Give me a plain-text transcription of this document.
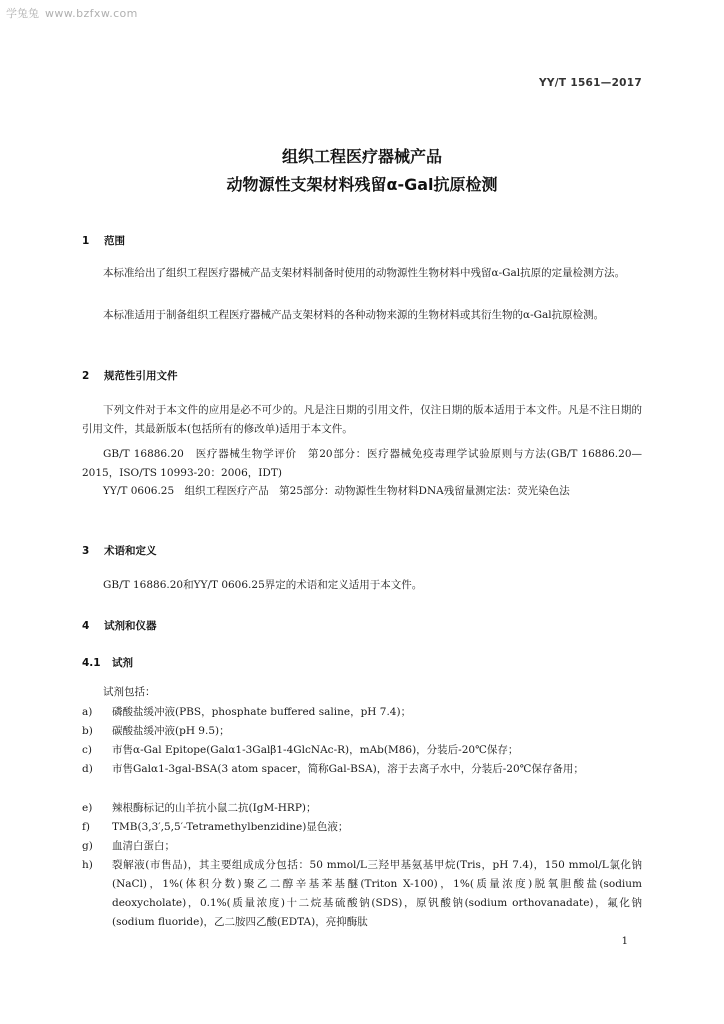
学兔兔 www.bzfxw.com
YY/T 1561—2017
组织工程医疗器械产品
动物源性支架材料残留α-Gal抗原检测
1 范围

本标准给出了组织工程医疗器械产品支架材料制备时使用的动物源性生物材料中残留α-Gal抗原的定量检测方法。

本标准适用于制备组织工程医疗器械产品支架材料的各种动物来源的生物材料或其衍生物的α-Gal抗原检测。

2 规范性引用文件

下列文件对于本文件的应用是必不可少的。凡是注日期的引用文件，仅注日期的版本适用于本文件。凡是不注日期的引用文件，其最新版本(包括所有的修改单)适用于本文件。

GB/T 16886.20　医疗器械生物学评价　第20部分：医疗器械免疫毒理学试验原则与方法(GB/T 16886.20—2015，ISO/TS 10993-20：2006，IDT)

YY/T 0606.25　组织工程医疗产品　第25部分：动物源性生物材料DNA残留量测定法：荧光染色法

3 术语和定义

GB/T 16886.20和YY/T 0606.25界定的术语和定义适用于本文件。

4 试剂和仪器
4.1 试剂
试剂包括：
a)	磷酸盐缓冲液(PBS，phosphate buffered saline，pH 7.4)；
b)	碳酸盐缓冲液(pH 9.5)；
c)	市售α-Gal Epitope(Galα1-3Galβ1-4GlcNAc-R)，mAb(M86)，分装后-20℃保存；
d)	市售Galα1-3gal-BSA(3 atom spacer，简称Gal-BSA)，溶于去离子水中，分装后-20℃保存备用；
e)	辣根酶标记的山羊抗小鼠二抗(IgM-HRP)；
f)	TMB(3,3′,5,5′-Tetramethylbenzidine)显色液；
g)	血清白蛋白；
h)	裂解液(市售品)，其主要组成成分包括：50 mmol/L三羟甲基氨基甲烷(Tris，pH 7.4)，150 mmol/L氯化钠(NaCl)，1%(体积分数)聚乙二醇辛基苯基醚(Triton X-100)，1%(质量浓度)脱氧胆酸盐(sodium deoxycholate)，0.1%(质量浓度)十二烷基硫酸钠(SDS)，原钒酸钠(sodium orthovanadate)，氟化钠(sodium fluoride)，乙二胺四乙酸(EDTA)，亮抑酶肽
1
